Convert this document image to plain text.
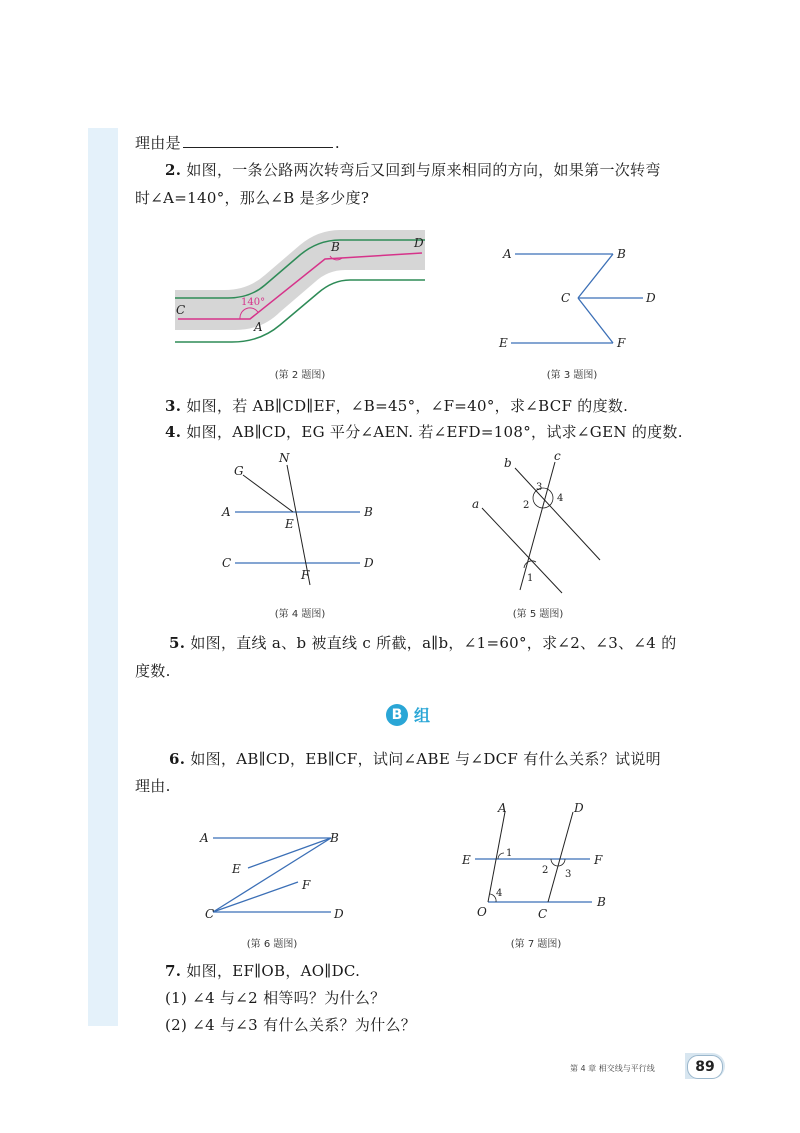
理由是	.
2. 如图，一条公路两次转弯后又回到与原来相同的方向，如果第一次转弯
时∠A=140°，那么∠B 是多少度?
C
A
B	D
140°
A	B
C	D
E	F
G
N
A	B
E
C	D
F
b	c
a
1
2
3
4
A	B
E
F
C	D
A	D
E	F
O	C
B
1
2 3
4
(第 2 题图)	(第 3 题图)
3. 如图，若 AB∥CD∥EF，∠B=45°，∠F=40°，求∠BCF 的度数.
4. 如图，AB∥CD，EG 平分∠AEN. 若∠EFD=108°，试求∠GEN 的度数.
(第 4 题图)	(第 5 题图)
5. 如图，直线 a、b 被直线 c 所截，a∥b，∠1=60°，求∠2、∠3、∠4 的
度数.
B 组
6. 如图，AB∥CD，EB∥CF，试问∠ABE 与∠DCF 有什么关系？试说明
理由.
(第 6 题图)	(第 7 题图)
7. 如图，EF∥OB，AO∥DC.
(1) ∠4 与∠2 相等吗？为什么？
(2) ∠4 与∠3 有什么关系？为什么？
第 4 章 相交线与平行线	89
